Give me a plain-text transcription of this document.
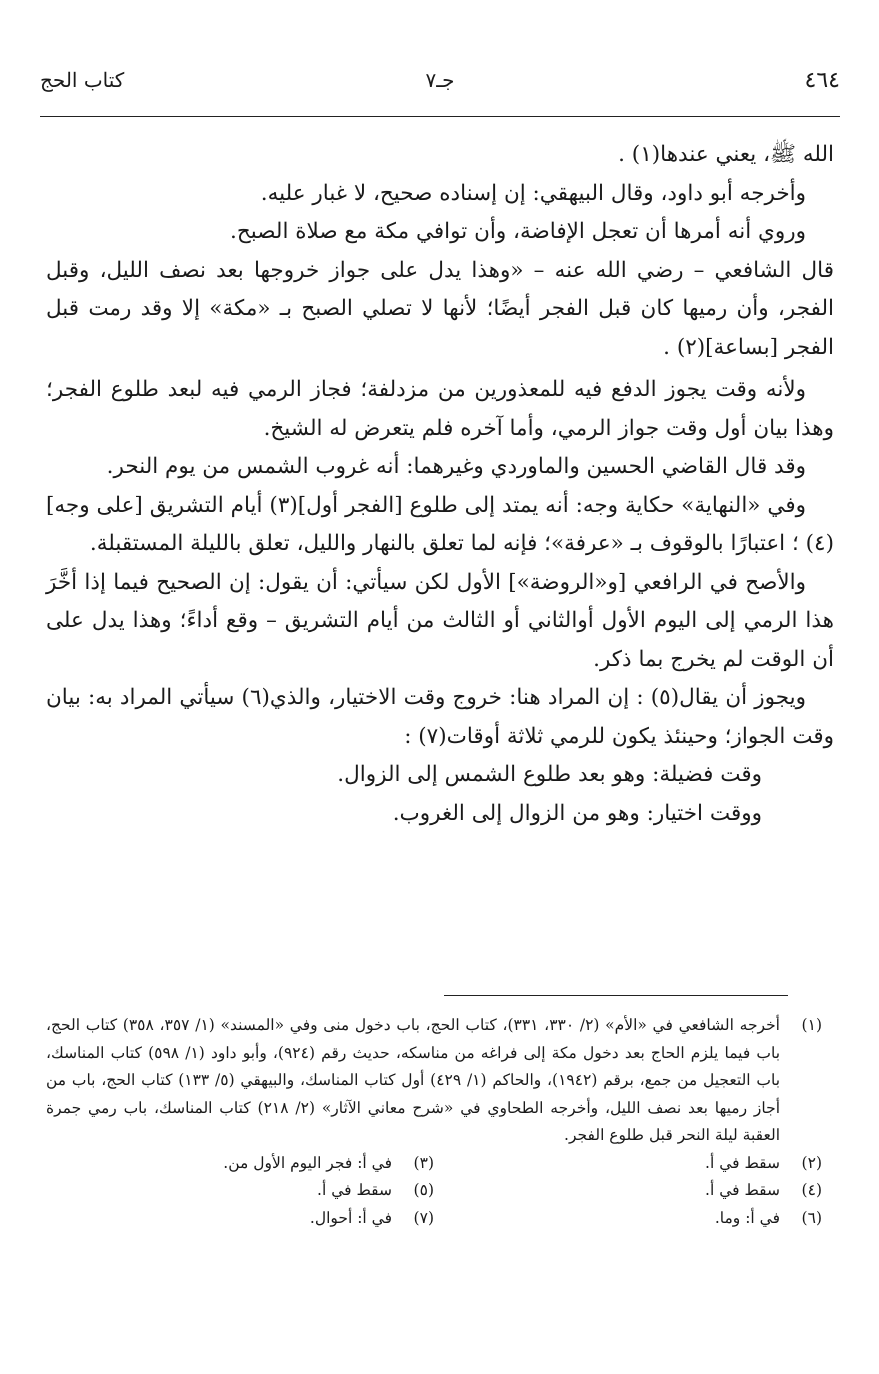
٤٦٤
جـ٧
كتاب الحج

الله ﷺ، يعني عندها(١) .

وأخرجه أبو داود، وقال البيهقي: إن إسناده صحيح، لا غبار عليه.

وروي أنه أمرها أن تعجل الإفاضة، وأن توافي مكة مع صلاة الصبح.

قال الشافعي – رضي الله عنه – «وهذا يدل على جواز خروجها بعد نصف الليل، وقبل الفجر، وأن رميها كان قبل الفجر أيضًا؛ لأنها لا تصلي الصبح بـ «مكة» إلا وقد رمت قبل الفجر [بساعة](٢) .

ولأنه وقت يجوز الدفع فيه للمعذورين من مزدلفة؛ فجاز الرمي فيه لبعد طلوع الفجر؛ وهذا بيان أول وقت جواز الرمي، وأما آخره فلم يتعرض له الشيخ.

وقد قال القاضي الحسين والماوردي وغيرهما: أنه غروب الشمس من يوم النحر.

وفي «النهاية» حكاية وجه: أنه يمتد إلى طلوع [الفجر أول](٣) أيام التشريق [على وجه](٤) ؛ اعتبارًا بالوقوف بـ «عرفة»؛ فإنه لما تعلق بالنهار والليل، تعلق بالليلة المستقبلة.

والأصح في الرافعي [و«الروضة»] الأول لكن سيأتي: أن يقول: إن الصحيح فيما إذا أخَّرَ هذا الرمي إلى اليوم الأول أوالثاني أو الثالث من أيام التشريق – وقع أداءً؛ وهذا يدل على أن الوقت لم يخرج بما ذكر.

ويجوز أن يقال(٥) : إن المراد هنا: خروج وقت الاختيار، والذي(٦) سيأتي المراد به: بيان وقت الجواز؛ وحينئذ يكون للرمي ثلاثة أوقات(٧) :

وقت فضيلة: وهو بعد طلوع الشمس إلى الزوال.

ووقت اختيار: وهو من الزوال إلى الغروب.

(١)
أخرجه الشافعي في «الأم» (٢/ ٣٣٠، ٣٣١)، كتاب الحج، باب دخول منى وفي «المسند» (١/ ٣٥٧، ٣٥٨) كتاب الحج، باب فيما يلزم الحاج بعد دخول مكة إلى فراغه من مناسكه، حديث رقم (٩٢٤)، وأبو داود (١/ ٥٩٨) كتاب المناسك، باب التعجيل من جمع، برقم (١٩٤٢)، والحاكم (١/ ٤٢٩) أول كتاب المناسك، والبيهقي (٥/ ١٣٣) كتاب الحج، باب من أجاز رميها بعد نصف الليل، وأخرجه الطحاوي في «شرح معاني الآثار» (٢/ ٢١٨) كتاب المناسك، باب رمي جمرة العقبة ليلة النحر قبل طلوع الفجر.
(٢)
سقط في أ.
(٣)
في أ: فجر اليوم الأول من.
(٤)
سقط في أ.
(٥)
سقط في أ.
(٦)
في أ: وما.
(٧)
في أ: أحوال.
